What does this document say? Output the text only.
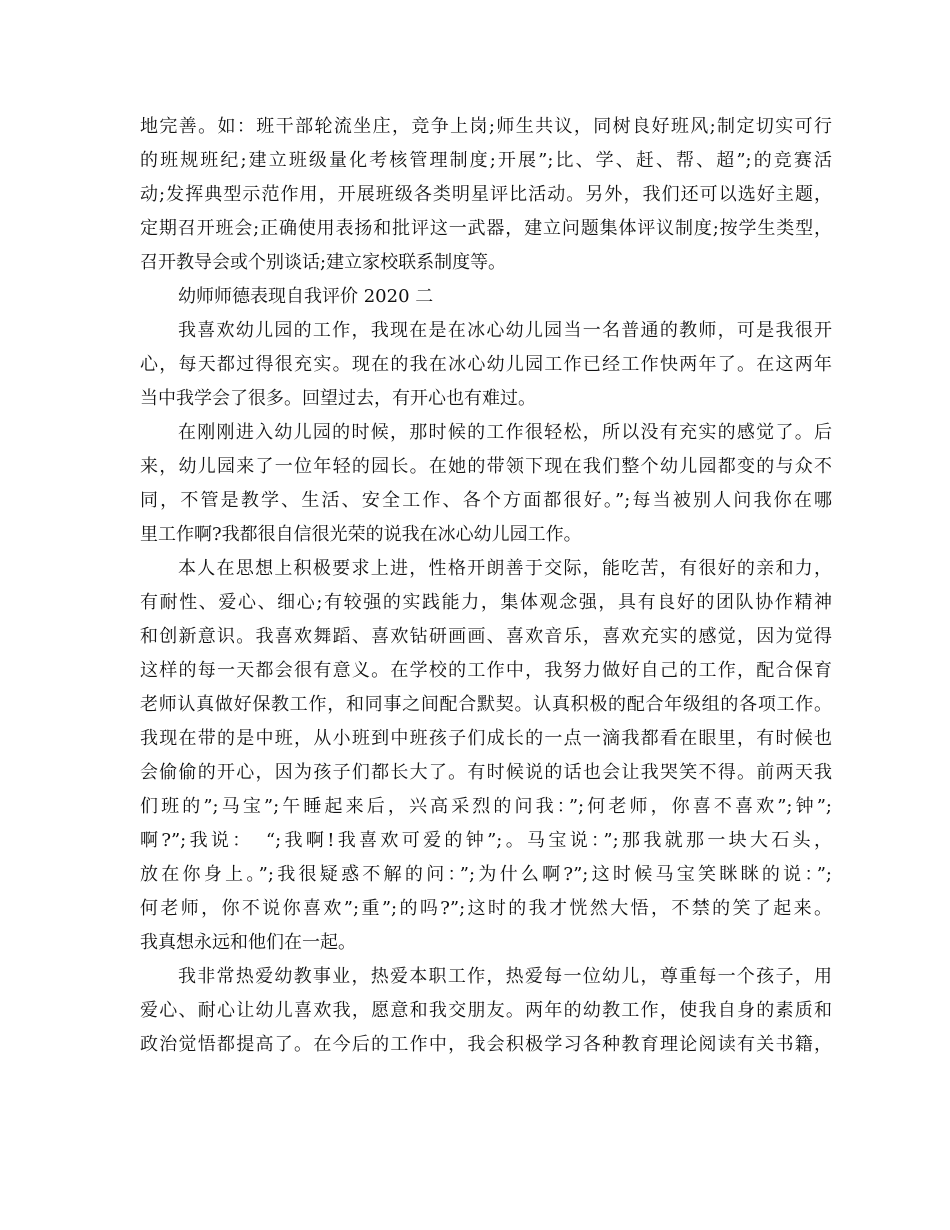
地完善。如：班干部轮流坐庄，竞争上岗;师生共议，同树良好班风;制定切实可行
的班规班纪;建立班级量化考核管理制度;开展”;比、学、赶、帮、超”;的竞赛活
动;发挥典型示范作用，开展班级各类明星评比活动。另外，我们还可以选好主题，
定期召开班会;正确使用表扬和批评这一武器，建立问题集体评议制度;按学生类型，
召开教导会或个别谈话;建立家校联系制度等。
幼师师德表现自我评价 2020 二
我喜欢幼儿园的工作，我现在是在冰心幼儿园当一名普通的教师，可是我很开
心，每天都过得很充实。现在的我在冰心幼儿园工作已经工作快两年了。在这两年
当中我学会了很多。回望过去，有开心也有难过。
在刚刚进入幼儿园的时候，那时候的工作很轻松，所以没有充实的感觉了。后
来，幼儿园来了一位年轻的园长。在她的带领下现在我们整个幼儿园都变的与众不
同，不管是教学、生活、安全工作、各个方面都很好。”;每当被别人问我你在哪
里工作啊?我都很自信很光荣的说我在冰心幼儿园工作。
本人在思想上积极要求上进，性格开朗善于交际，能吃苦，有很好的亲和力，
有耐性、爱心、细心;有较强的实践能力，集体观念强，具有良好的团队协作精神
和创新意识。我喜欢舞蹈、喜欢钻研画画、喜欢音乐，喜欢充实的感觉，因为觉得
这样的每一天都会很有意义。在学校的工作中，我努力做好自己的工作，配合保育
老师认真做好保教工作，和同事之间配合默契。认真积极的配合年级组的各项工作。
我现在带的是中班，从小班到中班孩子们成长的一点一滴我都看在眼里，有时候也
会偷偷的开心，因为孩子们都长大了。有时候说的话也会让我哭笑不得。前两天我
们班的”;马宝”;午睡起来后，兴高采烈的问我：”;何老师，你喜不喜欢”;钟”;
啊?”;我说：　“;我啊!我喜欢可爱的钟”;。马宝说：”;那我就那一块大石头，
放在你身上。”;我很疑惑不解的问：”;为什么啊?”;这时候马宝笑眯眯的说：”;
何老师，你不说你喜欢”;重”;的吗?”;这时的我才恍然大悟，不禁的笑了起来。
我真想永远和他们在一起。
我非常热爱幼教事业，热爱本职工作，热爱每一位幼儿，尊重每一个孩子，用
爱心、耐心让幼儿喜欢我，愿意和我交朋友。两年的幼教工作，使我自身的素质和
政治觉悟都提高了。在今后的工作中，我会积极学习各种教育理论阅读有关书籍，
